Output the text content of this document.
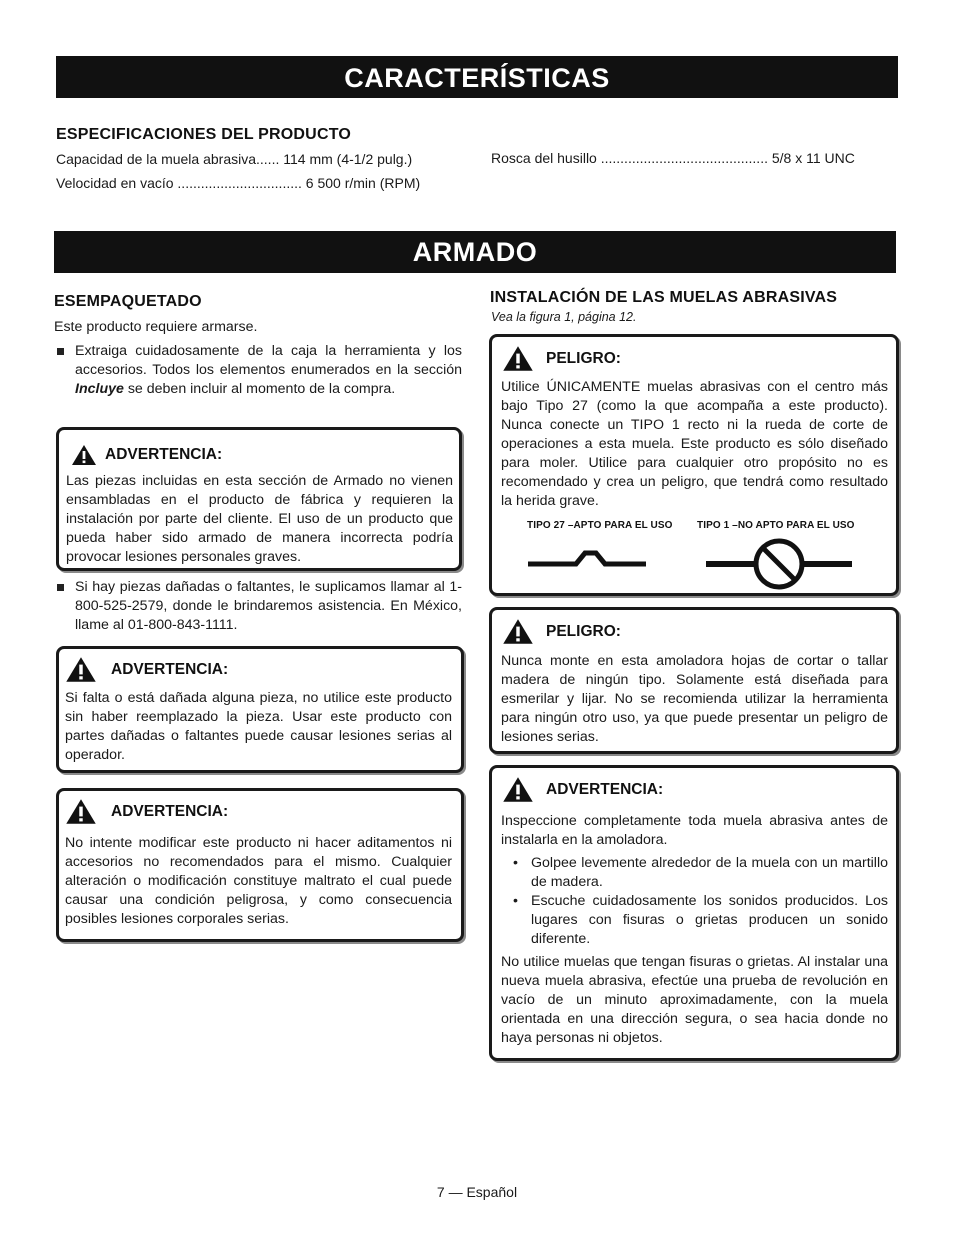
CARACTERÍSTICAS
ESPECIFICACIONES DEL PRODUCTO
Capacidad de la muela abrasiva...... 114 mm (4-1/2 pulg.)
Velocidad en vacío ................................ 6 500 r/min (RPM)
Rosca del husillo ........................................... 5/8 x 11 UNC
ARMADO
ESEMPAQUETADO
Este producto requiere armarse.
Extraiga cuidadosamente de la caja la herramienta y los accesorios. Todos los elementos enumerados en la sección Incluye se deben incluir al momento de la compra.
ADVERTENCIA:
Las piezas incluidas en esta sección de Armado no vienen ensambladas en el producto de fábrica y requieren la instalación por parte del cliente. El uso de un producto que pueda haber sido armado de manera incorrecta podría provocar lesiones personales graves.
Si hay piezas dañadas o faltantes, le suplicamos llamar al 1-800-525-2579, donde le brindaremos asistencia. En México, llame al 01-800-843-1111.
ADVERTENCIA:
Si falta o está dañada alguna pieza, no utilice este producto sin haber reemplazado la pieza. Usar este producto con partes dañadas o faltantes puede causar lesiones serias al operador.
ADVERTENCIA:
No intente modificar este producto ni hacer aditamentos ni accesorios no recomendados para el mismo. Cualquier alteración o modificación constituye maltrato el cual puede causar una condición peligrosa, y como consecuencia posibles lesiones corporales serias.
INSTALACIÓN DE LAS MUELAS ABRASIVAS
Vea la figura 1, página 12.
PELIGRO:
Utilice ÚNICAMENTE muelas abrasivas con el centro más bajo Tipo 27 (como la que acompaña a este producto). Nunca conecte un TIPO 1 recto ni la rueda de corte de operaciones a esta muela. Este producto es sólo diseñado para moler. Utilice para cualquier otro propósito no es recomendado y crea un peligro, que tendrá como resultado la herida grave.
TIPO 27 –APTO PARA EL USO TIPO 1 –NO APTO PARA EL USO
PELIGRO:
Nunca monte en esta amoladora hojas de cortar o tallar madera de ningún tipo. Solamente está diseñada para esmerilar y lijar. No se recomienda utilizar la herramienta para ningún otro uso, ya que puede presentar un peligro de lesiones serias.
ADVERTENCIA:
Inspeccione completamente toda muela abrasiva antes de instalarla en la amoladora.
• Golpee levemente alrededor de la muela con un martillo de madera.
• Escuche cuidadosamente los sonidos producidos. Los lugares con fisuras o grietas producen un sonido diferente.
No utilice muelas que tengan fisuras o grietas. Al instalar una nueva muela abrasiva, efectúe una prueba de revolución en vacío de un minuto aproximadamente, con la muela orientada en una dirección segura, o sea hacia donde no haya personas ni objetos.
7 — Español
